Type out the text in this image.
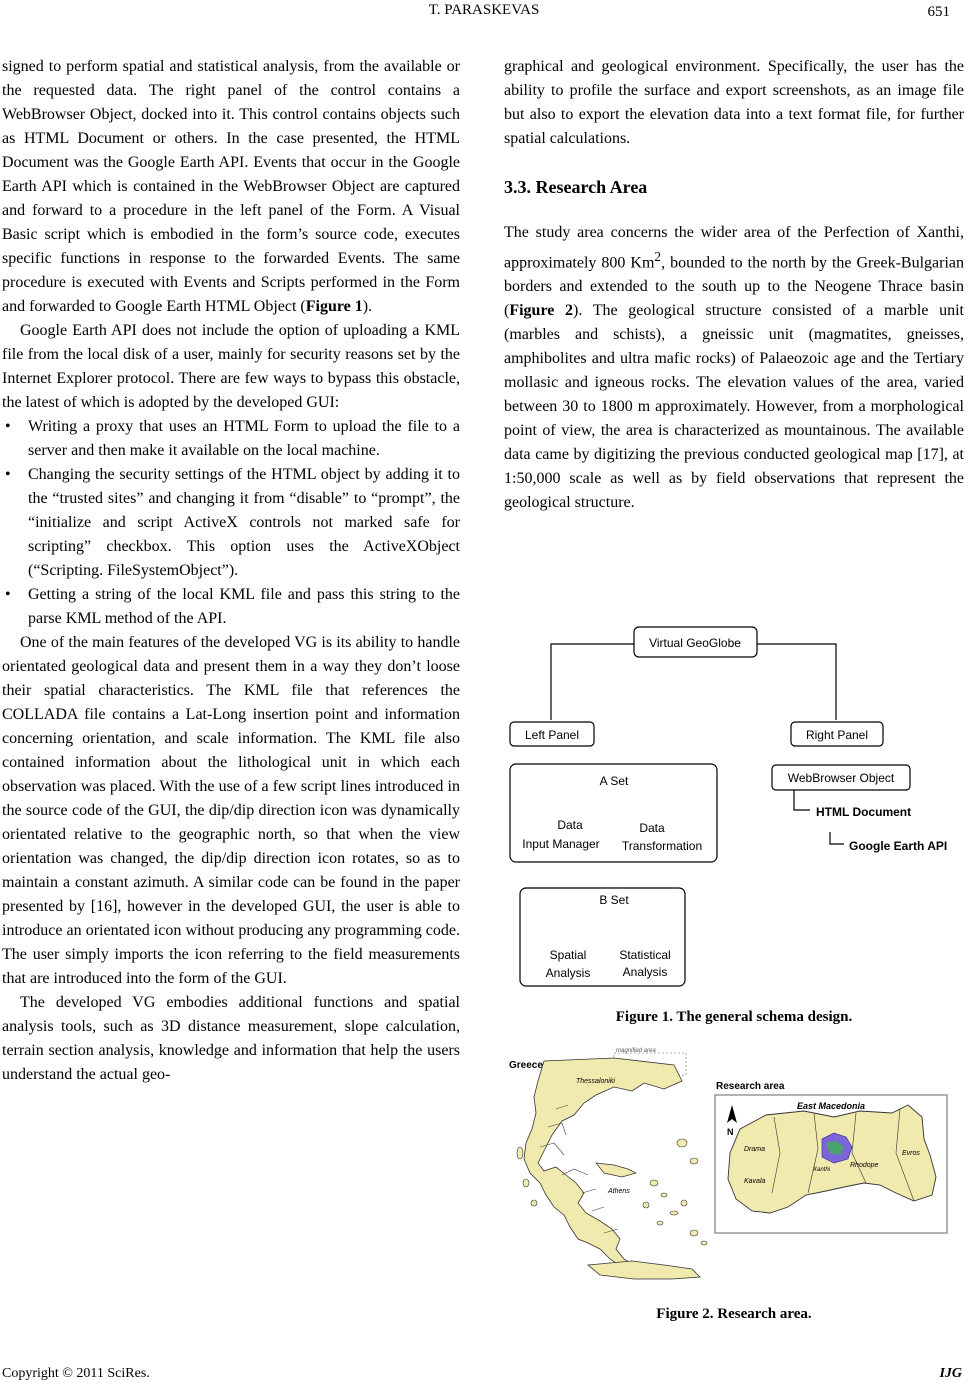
T. PARASKEVAS	651

signed to perform spatial and statistical analysis, from the available or the requested data. The right panel of the control contains a WebBrowser Object, docked into it. This control contains objects such as HTML Document or others. In the case presented, the HTML Document was the Google Earth API. Events that occur in the Google Earth API which is contained in the WebBrowser Object are captured and forward to a procedure in the left panel of the Form. A Visual Basic script which is embodied in the form’s source code, executes specific functions in response to the forwarded Events. The same procedure is executed with Events and Scripts performed in the Form and forwarded to Google Earth HTML Object (Figure 1).

Google Earth API does not include the option of uploading a KML file from the local disk of a user, mainly for security reasons set by the Internet Explorer protocol. There are few ways to bypass this obstacle, the latest of which is adopted by the developed GUI:

• Writing a proxy that uses an HTML Form to upload the file to a server and then make it available on the local machine.
• Changing the security settings of the HTML object by adding it to the “trusted sites” and changing it from “disable” to “prompt”, the “initialize and script ActiveX controls not marked safe for scripting” checkbox. This option uses the ActiveXObject (“Scripting. FileSystemObject”).
• Getting a string of the local KML file and pass this string to the parse KML method of the API.

One of the main features of the developed VG is its ability to handle orientated geological data and present them in a way they don’t loose their spatial characteristics. The KML file that references the COLLADA file contains a Lat-Long insertion point and information concerning orientation, and scale information. The KML file also contained information about the lithological unit in which each observation was placed. With the use of a few script lines introduced in the source code of the GUI, the dip/dip direction icon was dynamically orientated relative to the geographic north, so that when the view orientation was changed, the dip/dip direction icon rotates, so as to maintain a constant azimuth. A similar code can be found in the paper presented by [16], however in the developed GUI, the user is able to introduce an orientated icon without producing any programming code. The user simply imports the icon referring to the field measurements that are introduced into the form of the GUI.

The developed VG embodies additional functions and spatial analysis tools, such as 3D distance measurement, slope calculation, terrain section analysis, knowledge and information that help the users understand the actual geo-

graphical and geological environment. Specifically, the user has the ability to profile the surface and export screenshots, as an image file but also to export the elevation data into a text format file, for further spatial calculations.

3.3. Research Area

The study area concerns the wider area of the Perfection of Xanthi, approximately 800 Km$^2$, bounded to the north by the Greek-Bulgarian borders and extended to the south up to the Neogene Thrace basin (Figure 2). The geological structure consisted of a marble unit (marbles and schists), a gneissic unit (magmatites, gneisses, amphibolites and ultra mafic rocks) of Palaeozoic age and the Tertiary mollasic and igneous rocks. The elevation values of the area, varied between 30 to 1800 m approximately. However, from a morphological point of view, the area is characterized as mountainous. The available data came by digitizing the previous conducted geological map [17], at 1:50,000 scale as well as by field observations that represent the geological structure.

Virtual GeoGlobe
Left Panel	Right Panel
A Set
Data
Input Manager
Data
Transformation
B Set
Spatial
Analysis
Statistical
Analysis
WebBrowser Object
HTML Document
Google Earth API
Figure 1. The general schema design.
Greece
magnified area
Thessaloniki
Athens
Research area
N
East Macedonia
Drama
Kavala
Xanthi
Rhodope
Evros
Figure 2. Research area.
Copyright © 2011 SciRes.	IJG
